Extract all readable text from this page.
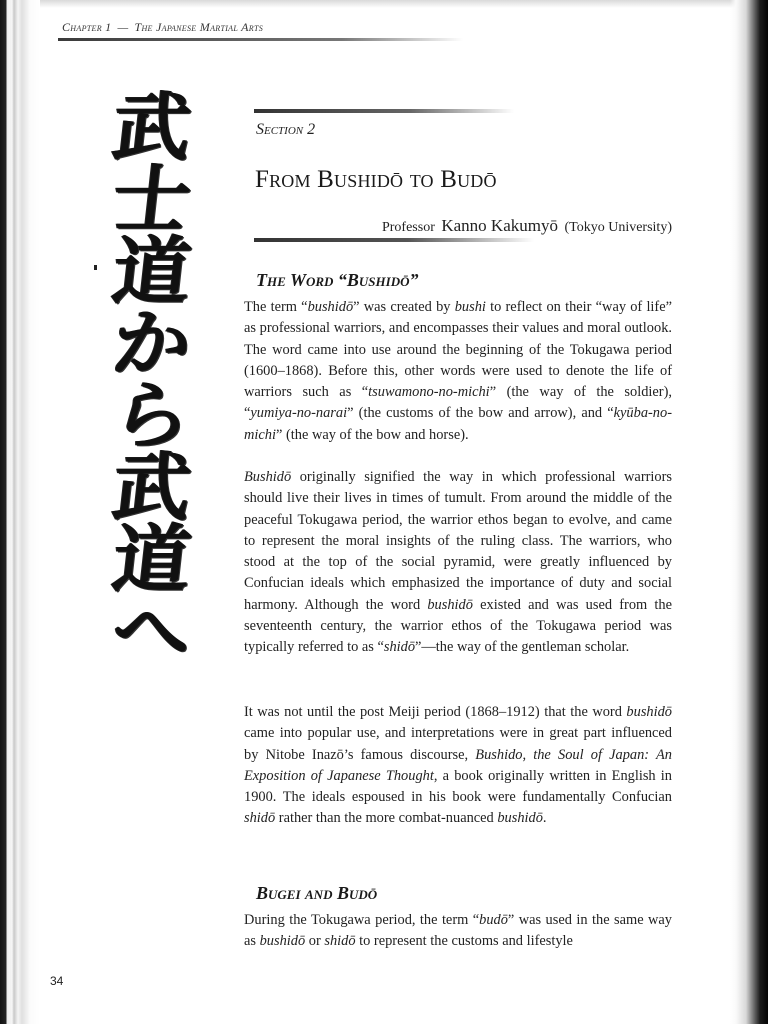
Chapter 1 — The Japanese Martial Arts
武
士
道
か
ら
武
道
へ
Section 2
From Bushidō to Budō
Professor Kanno Kakumyō (Tokyo University)
The Word “Bushidō”

The term “bushidō” was created by bushi to reflect on their “way of life” as professional warriors, and encompasses their values and moral outlook. The word came into use around the beginning of the Tokugawa period (1600–1868). Before this, other words were used to denote the life of warriors such as “tsuwamono-no-michi” (the way of the soldier), “yumiya-no-narai” (the customs of the bow and arrow), and “kyūba-no-michi” (the way of the bow and horse).

Bushidō originally signified the way in which professional warriors should live their lives in times of tumult. From around the middle of the peaceful Tokugawa period, the warrior ethos began to evolve, and came to represent the moral insights of the ruling class. The warriors, who stood at the top of the social pyramid, were greatly influenced by Confucian ideals which emphasized the importance of duty and social harmony. Although the word bushidō existed and was used from the seventeenth century, the warrior ethos of the Tokugawa period was typically referred to as “shidō”—the way of the gentleman scholar.

It was not until the post Meiji period (1868–1912) that the word bushidō came into popular use, and interpretations were in great part influenced by Nitobe Inazō’s famous discourse, Bushido, the Soul of Japan: An Exposition of Japanese Thought, a book originally written in English in 1900. The ideals espoused in his book were fundamentally Confucian shidō rather than the more combat-nuanced bushidō.

Bugei and Budō

During the Tokugawa period, the term “budō” was used in the same way as bushidō or shidō to represent the customs and lifestyle

34
